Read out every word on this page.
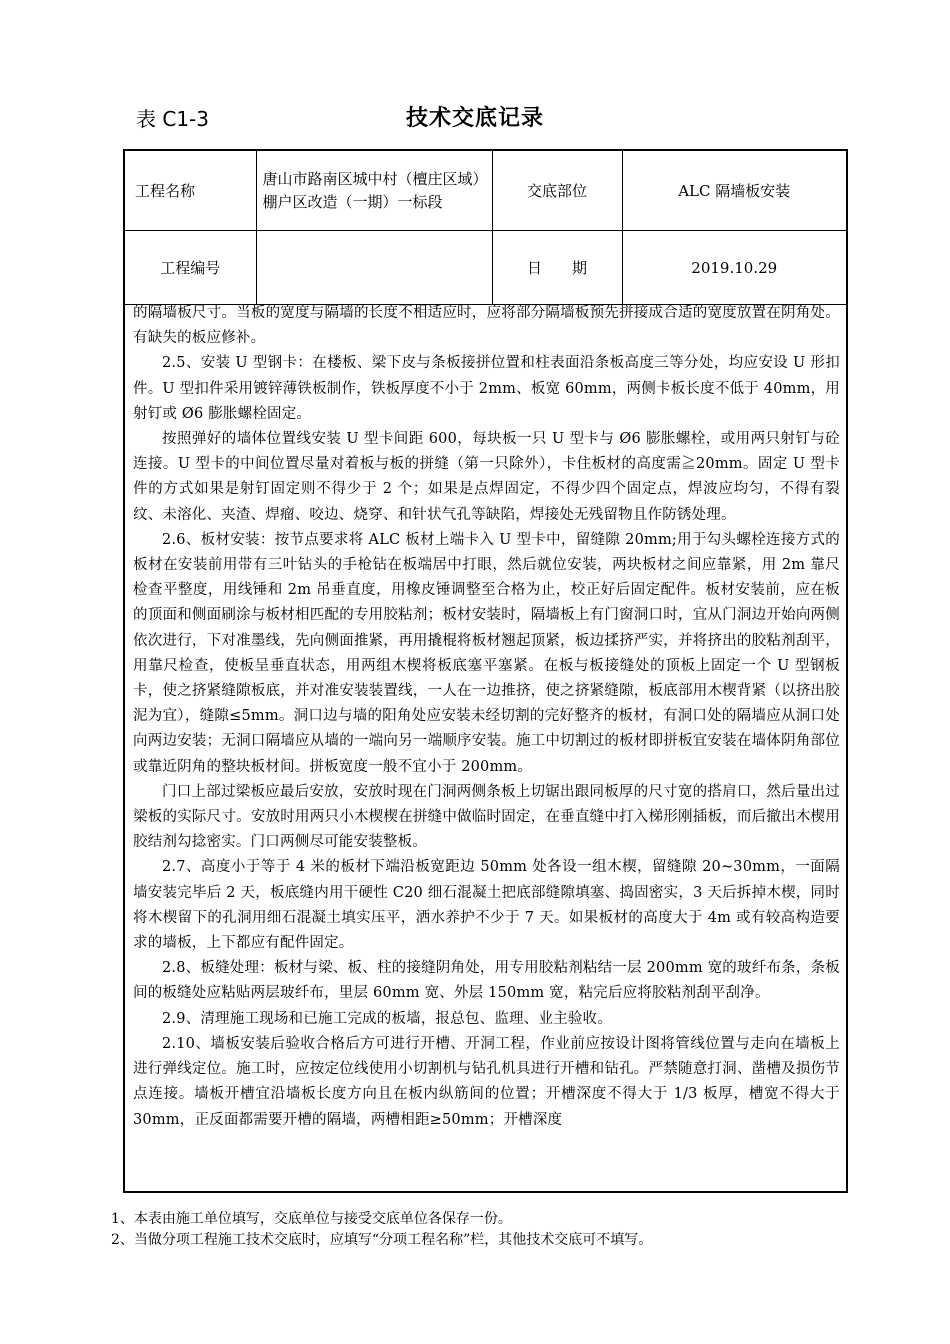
表 C1-3	技术交底记录
工程名称	唐山市路南区城中村（檀庄区域）棚户区改造（一期）一标段	交底部位	ALC 隔墙板安装
工程编号		日　　期	2019.10.29

的隔墙板尺寸。当板的宽度与隔墙的长度不相适应时，应将部分隔墙板预先拼接成合适的宽度放置在阴角处。有缺失的板应修补。

2.5、安装 U 型钢卡：在楼板、梁下皮与条板接拼位置和柱表面沿条板高度三等分处，均应安设 U 形扣件。U 型扣件采用镀锌薄铁板制作，铁板厚度不小于 2mm、板宽 60mm，两侧卡板长度不低于 40mm，用射钉或 Ø6 膨胀螺栓固定。

按照弹好的墙体位置线安装 U 型卡间距 600，每块板一只 U 型卡与 Ø6 膨胀螺栓，或用两只射钉与砼连接。U 型卡的中间位置尽量对着板与板的拼缝（第一只除外），卡住板材的高度需≧20mm。固定 U 型卡件的方式如果是射钉固定则不得少于 2 个；如果是点焊固定，不得少四个固定点，焊波应均匀，不得有裂纹、未溶化、夹渣、焊瘤、咬边、烧穿、和针状气孔等缺陷，焊接处无残留物且作防锈处理。

2.6、板材安装：按节点要求将 ALC 板材上端卡入 U 型卡中，留缝隙 20mm;用于勾头螺栓连接方式的板材在安装前用带有三叶钻头的手枪钻在板端居中打眼，然后就位安装，两块板材之间应靠紧，用 2m 靠尺检查平整度，用线锤和 2m 吊垂直度，用橡皮锤调整至合格为止，校正好后固定配件。板材安装前，应在板的顶面和侧面刷涂与板材相匹配的专用胶粘剂；板材安装时，隔墙板上有门窗洞口时，宜从门洞边开始向两侧依次进行，下对准墨线，先向侧面推紧，再用撬棍将板材翘起顶紧，板边揉挤严实，并将挤出的胶粘剂刮平，用靠尺检查，使板呈垂直状态，用两组木楔将板底塞平塞紧。在板与板接缝处的顶板上固定一个 U 型钢板卡，使之挤紧缝隙板底，并对准安装装置线，一人在一边推挤，使之挤紧缝隙，板底部用木楔背紧（以挤出胶泥为宜），缝隙≤5mm。洞口边与墙的阳角处应安装未经切割的完好整齐的板材，有洞口处的隔墙应从洞口处向两边安装；无洞口隔墙应从墙的一端向另一端顺序安装。施工中切割过的板材即拼板宜安装在墙体阴角部位或靠近阴角的整块板材间。拼板宽度一般不宜小于 200mm。

门口上部过梁板应最后安放，安放时现在门洞两侧条板上切锯出跟同板厚的尺寸宽的搭肩口，然后量出过梁板的实际尺寸。安放时用两只小木楔楔在拼缝中做临时固定，在垂直缝中打入梯形刚插板，而后撤出木楔用胶结剂勾捻密实。门口两侧尽可能安装整板。

2.7、高度小于等于 4 米的板材下端沿板宽距边 50mm 处各设一组木楔，留缝隙 20~30mm，一面隔墙安装完毕后 2 天，板底缝内用干硬性 C20 细石混凝土把底部缝隙填塞、捣固密实，3 天后拆掉木楔，同时将木楔留下的孔洞用细石混凝土填实压平，洒水养护不少于 7 天。如果板材的高度大于 4m 或有较高构造要求的墙板，上下都应有配件固定。

2.8、板缝处理：板材与梁、板、柱的接缝阴角处，用专用胶粘剂粘结一层 200mm 宽的玻纤布条，条板间的板缝处应粘贴两层玻纤布，里层 60mm 宽、外层 150mm 宽，粘完后应将胶粘剂刮平刮净。

2.9、清理施工现场和已施工完成的板墙，报总包、监理、业主验收。

2.10、墙板安装后验收合格后方可进行开槽、开洞工程，作业前应按设计图将管线位置与走向在墙板上进行弹线定位。施工时，应按定位线使用小切割机与钻孔机具进行开槽和钻孔。严禁随意打洞、凿槽及损伤节点连接。墙板开槽宜沿墙板长度方向且在板内纵筋间的位置；开槽深度不得大于 1/3 板厚，槽宽不得大于 30mm，正反面都需要开槽的隔墙，两槽相距≥50mm；开槽深度

1、本表由施工单位填写，交底单位与接受交底单位各保存一份。
2、当做分项工程施工技术交底时，应填写“分项工程名称”栏，其他技术交底可不填写。
